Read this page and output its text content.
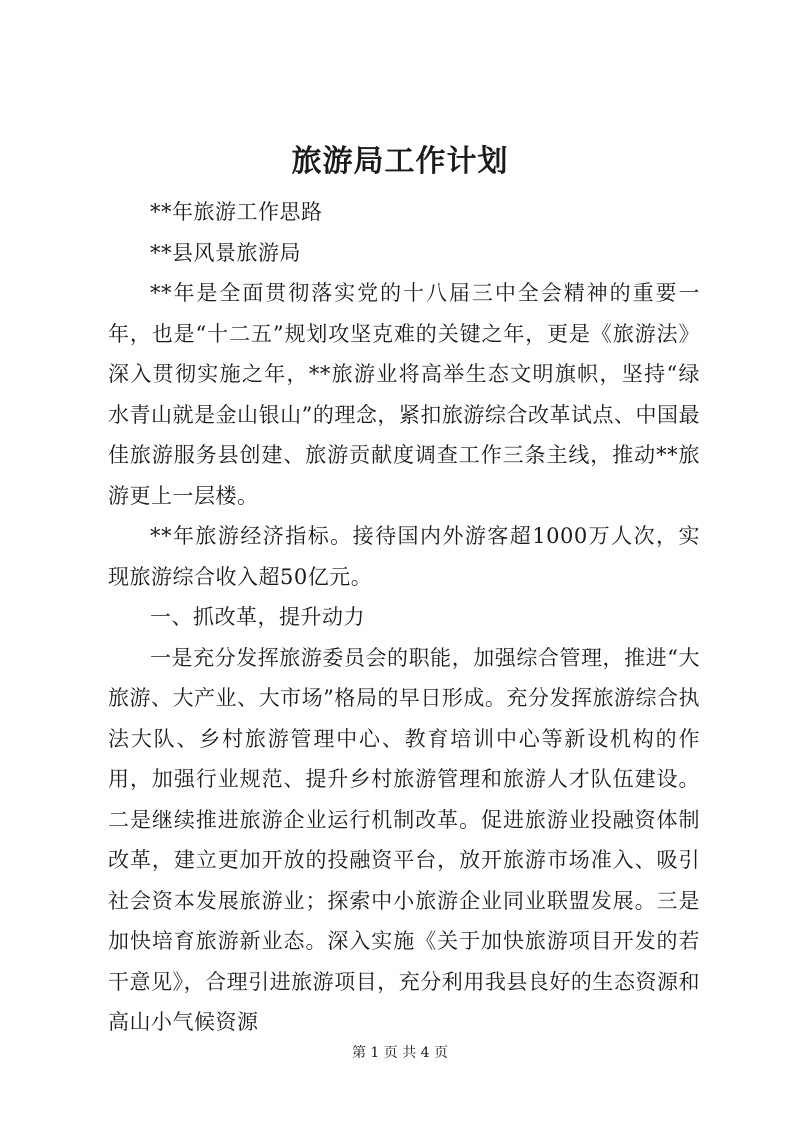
旅游局工作计划

**年旅游工作思路

**县风景旅游局

**年是全面贯彻落实党的十八届三中全会精神的重要一年，也是“十二五”规划攻坚克难的关键之年，更是《旅游法》深入贯彻实施之年，**旅游业将高举生态文明旗帜，坚持“绿水青山就是金山银山”的理念，紧扣旅游综合改革试点、中国最佳旅游服务县创建、旅游贡献度调查工作三条主线，推动**旅游更上一层楼。

**年旅游经济指标。接待国内外游客超1000万人次，实现旅游综合收入超50亿元。

一、抓改革，提升动力

一是充分发挥旅游委员会的职能，加强综合管理，推进“大旅游、大产业、大市场”格局的早日形成。充分发挥旅游综合执法大队、乡村旅游管理中心、教育培训中心等新设机构的作用，加强行业规范、提升乡村旅游管理和旅游人才队伍建设。二是继续推进旅游企业运行机制改革。促进旅游业投融资体制改革，建立更加开放的投融资平台，放开旅游市场准入、吸引社会资本发展旅游业；探索中小旅游企业同业联盟发展。三是加快培育旅游新业态。深入实施《关于加快旅游项目开发的若干意见》，合理引进旅游项目，充分利用我县良好的生态资源和高山小气候资源

第 1 页 共 4 页
